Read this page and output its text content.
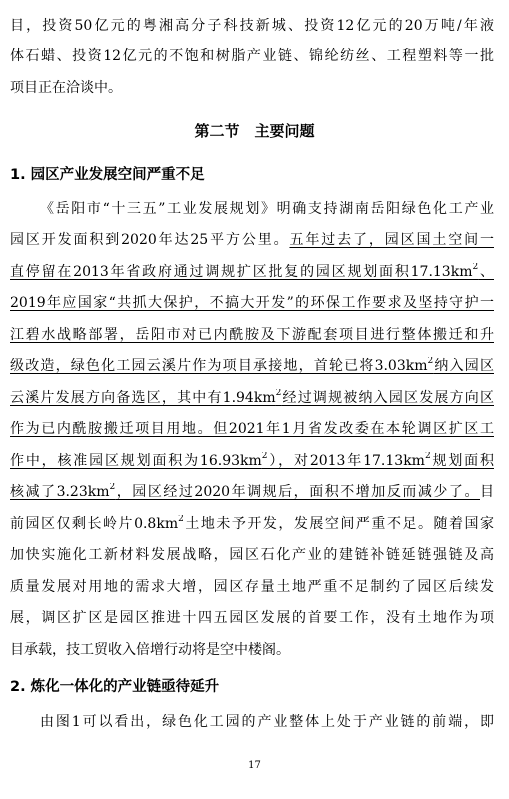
目，投资50亿元的粤湘高分子科技新城、投资12亿元的20万吨/年液
体石蜡、投资12亿元的不饱和树脂产业链、锦纶纺丝、工程塑料等一批
项目正在洽谈中。
第二节　主要问题
1. 园区产业发展空间严重不足
《岳阳市“十三五”工业发展规划》明确支持湖南岳阳绿色化工产业
园区开发面积到2020年达25平方公里。五年过去了，园区国土空间一
直停留在2013年省政府通过调规扩区批复的园区规划面积$17.13km^2$、
2019年应国家“共抓大保护，不搞大开发”的环保工作要求及坚持守护一
江碧水战略部署，岳阳市对已内酰胺及下游配套项目进行整体搬迁和升
级改造，绿色化工园云溪片作为项目承接地，首轮已将$3.03km^2$纳入园区
云溪片发展方向备选区，其中有$1.94km^2$经过调规被纳入园区发展方向区
作为已内酰胺搬迁项目用地。但2021年1月省发改委在本轮调区扩区工
作中，核准园区规划面积为$16.93km^2$），对2013年$17.13km^2$规划面积
核减了$3.23km^2$，园区经过2020年调规后，面积不增加反而减少了。目
前园区仅剩长岭片$0.8km^2$土地未予开发，发展空间严重不足。随着国家
加快实施化工新材料发展战略，园区石化产业的建链补链延链强链及高
质量发展对用地的需求大增，园区存量土地严重不足制约了园区后续发
展，调区扩区是园区推进十四五园区发展的首要工作，没有土地作为项
目承载，技工贸收入倍增行动将是空中楼阁。
2. 炼化一体化的产业链亟待延升
由图1可以看出，绿色化工园的产业整体上处于产业链的前端，即
17
